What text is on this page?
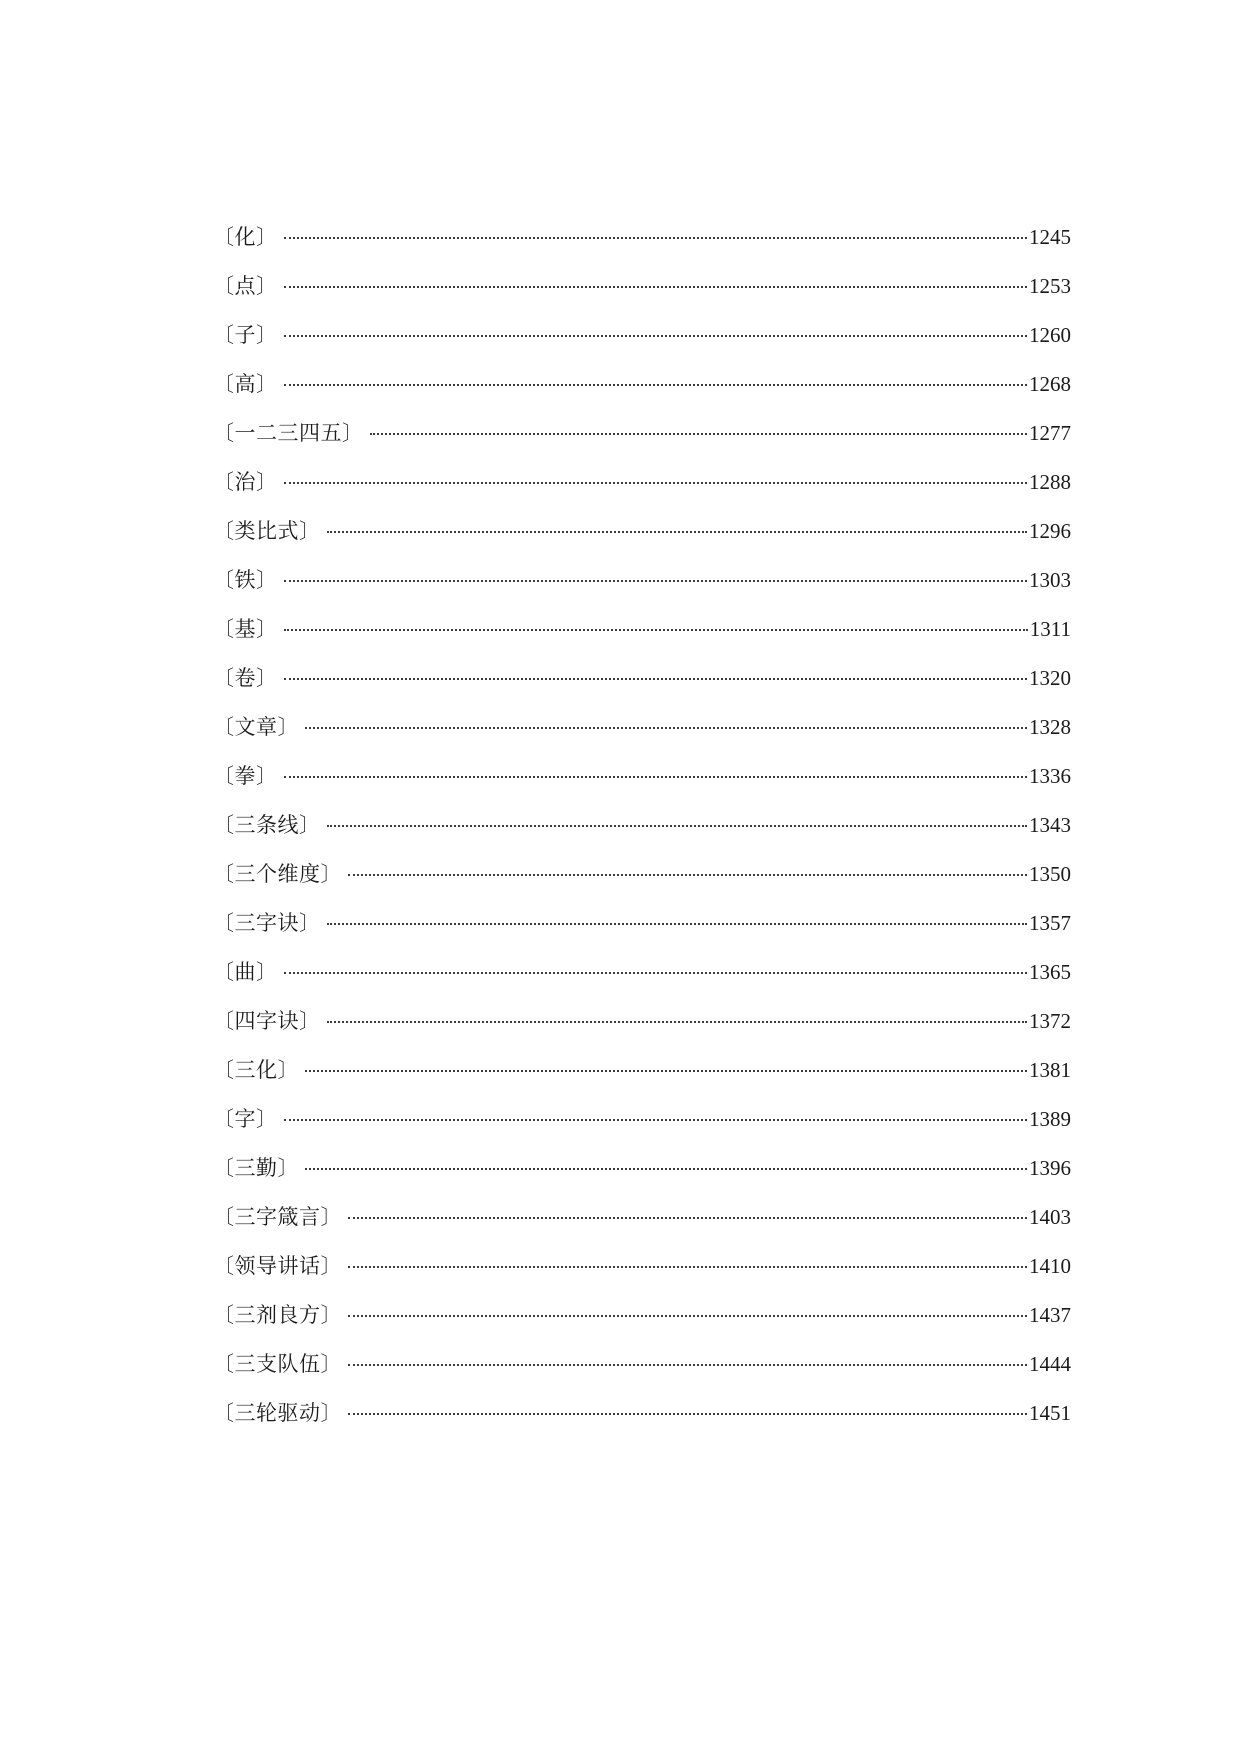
〔化〕	1245
〔点〕	1253
〔子〕	1260
〔高〕	1268
〔一二三四五〕	1277
〔治〕	1288
〔类比式〕	1296
〔铁〕	1303
〔基〕	1311
〔卷〕	1320
〔文章〕	1328
〔拳〕	1336
〔三条线〕	1343
〔三个维度〕	1350
〔三字诀〕	1357
〔曲〕	1365
〔四字诀〕	1372
〔三化〕	1381
〔字〕	1389
〔三勤〕	1396
〔三字箴言〕	1403
〔领导讲话〕	1410
〔三剂良方〕	1437
〔三支队伍〕	1444
〔三轮驱动〕	1451
